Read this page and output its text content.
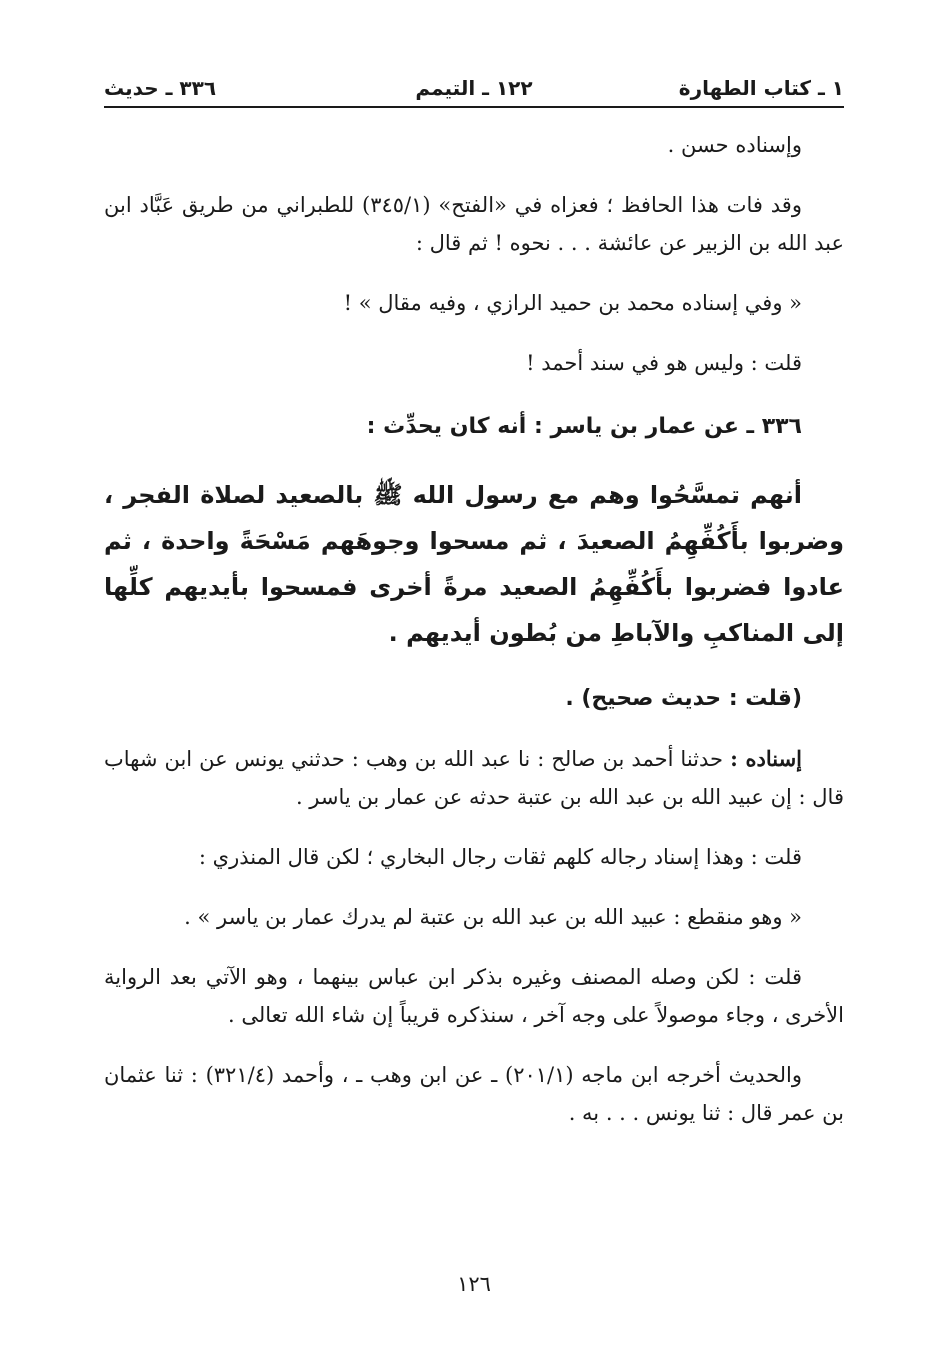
١ ـ كتاب الطهارة
١٢٢ ـ التيمم
٣٣٦ ـ حديث

وإسناده حسن .

وقد فات هذا الحافظ ؛ فعزاه في «الفتح» (٣٤٥/١) للطبراني من طريق عَبَّاد ابن عبد الله بن الزبير عن عائشة . . . نحوه ! ثم قال :

« وفي إسناده محمد بن حميد الرازي ، وفيه مقال » !

قلت : وليس هو في سند أحمد !

٣٣٦ ـ عن عمار بن ياسر : أنه كان يحدِّث :

أنهم تمسَّحُوا وهم مع رسول الله ﷺ بالصعيد لصلاة الفجر ، وضربوا بأَكُفِّهِمُ الصعيدَ ، ثم مسحوا وجوهَهم مَسْحَةً واحدة ، ثم عادوا فضربوا بأَكُفِّهِمُ الصعيد مرةً أخرى فمسحوا بأيديهم كلِّها إلى المناكبِ والآباطِ من بُطون أيديهم .

(قلت : حديث صحيح) .

إسناده : حدثنا أحمد بن صالح : نا عبد الله بن وهب : حدثني يونس عن ابن شهاب قال : إن عبيد الله بن عبد الله بن عتبة حدثه عن عمار بن ياسر .

قلت : وهذا إسناد رجاله كلهم ثقات رجال البخاري ؛ لكن قال المنذري :

« وهو منقطع : عبيد الله بن عبد الله بن عتبة لم يدرك عمار بن ياسر » .

قلت : لكن وصله المصنف وغيره بذكر ابن عباس بينهما ، وهو الآتي بعد الرواية الأخرى ، وجاء موصولاً على وجه آخر ، سنذكره قريباً إن شاء الله تعالى .

والحديث أخرجه ابن ماجه (٢٠١/١) ـ عن ابن وهب ـ ، وأحمد (٣٢١/٤) : ثنا عثمان بن عمر قال : ثنا يونس . . . به .

١٢٦
